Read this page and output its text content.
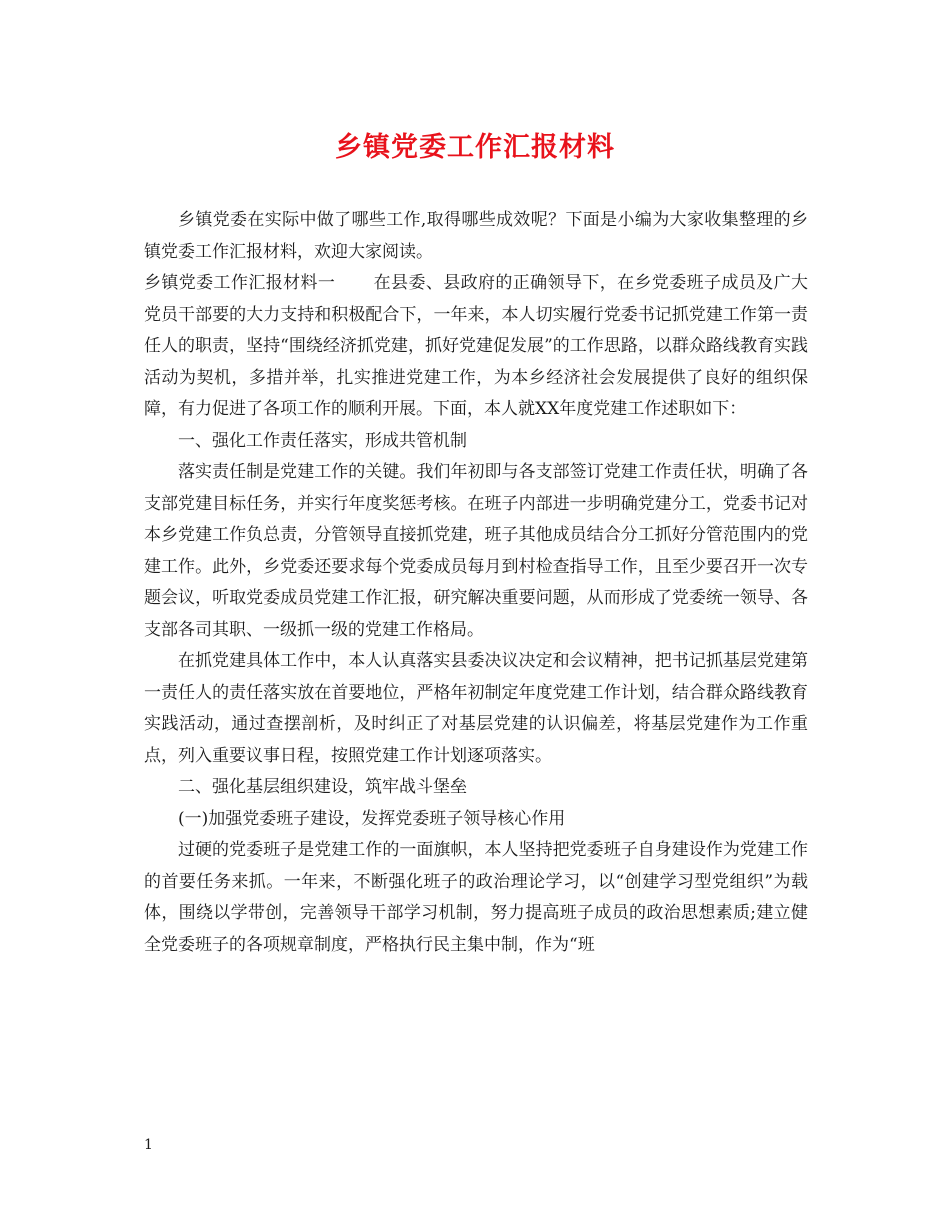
乡镇党委工作汇报材料

乡镇党委在实际中做了哪些工作,取得哪些成效呢？下面是小编为大家收集整理的乡镇党委工作汇报材料，欢迎大家阅读。

乡镇党委工作汇报材料一 在县委、县政府的正确领导下，在乡党委班子成员及广大党员干部要的大力支持和积极配合下，一年来，本人切实履行党委书记抓党建工作第一责任人的职责，坚持“围绕经济抓党建，抓好党建促发展”的工作思路，以群众路线教育实践活动为契机，多措并举，扎实推进党建工作，为本乡经济社会发展提供了良好的组织保障，有力促进了各项工作的顺利开展。下面，本人就XX年度党建工作述职如下：

一、强化工作责任落实，形成共管机制

落实责任制是党建工作的关键。我们年初即与各支部签订党建工作责任状，明确了各支部党建目标任务，并实行年度奖惩考核。在班子内部进一步明确党建分工，党委书记对本乡党建工作负总责，分管领导直接抓党建，班子其他成员结合分工抓好分管范围内的党建工作。此外，乡党委还要求每个党委成员每月到村检查指导工作，且至少要召开一次专题会议，听取党委成员党建工作汇报，研究解决重要问题，从而形成了党委统一领导、各支部各司其职、一级抓一级的党建工作格局。

在抓党建具体工作中，本人认真落实县委决议决定和会议精神，把书记抓基层党建第一责任人的责任落实放在首要地位，严格年初制定年度党建工作计划，结合群众路线教育实践活动，通过查摆剖析，及时纠正了对基层党建的认识偏差，将基层党建作为工作重点，列入重要议事日程，按照党建工作计划逐项落实。

二、强化基层组织建设，筑牢战斗堡垒

(一)加强党委班子建设，发挥党委班子领导核心作用

过硬的党委班子是党建工作的一面旗帜，本人坚持把党委班子自身建设作为党建工作的首要任务来抓。一年来，不断强化班子的政治理论学习，以“创建学习型党组织”为载体，围绕以学带创，完善领导干部学习机制，努力提高班子成员的政治思想素质;建立健全党委班子的各项规章制度，严格执行民主集中制，作为“班

1
